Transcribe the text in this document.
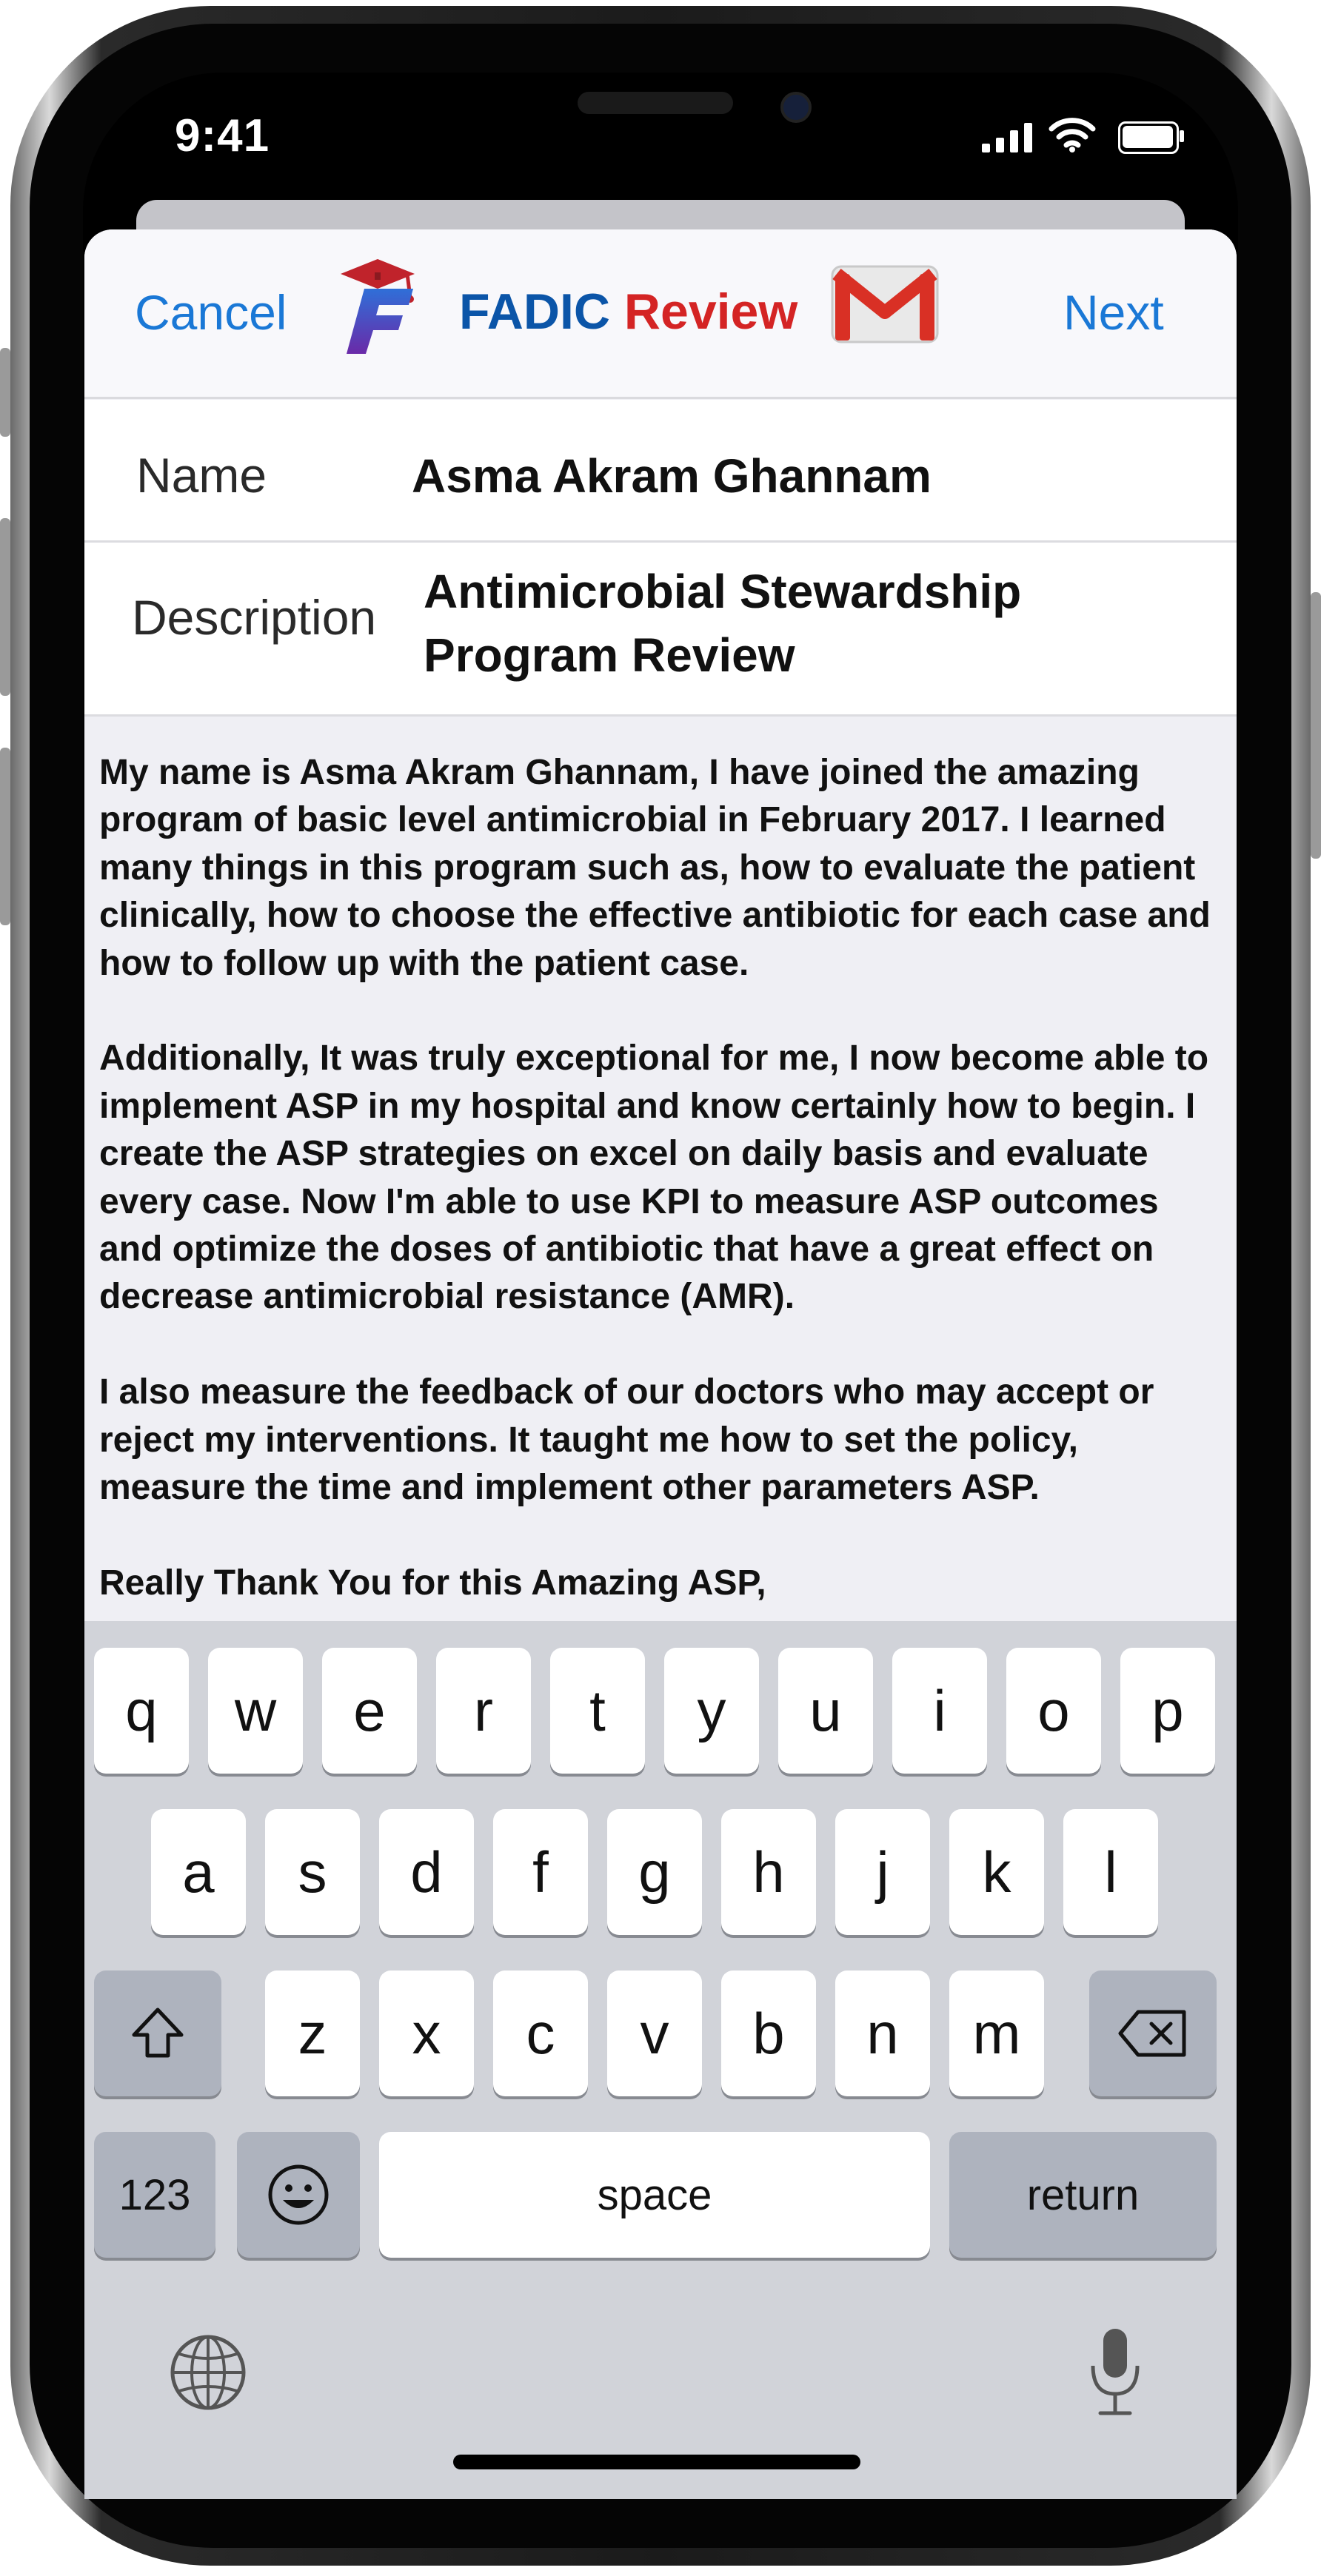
9:41
Cancel	FADIC Review	Next
Name	Asma Akram Ghannam
Description Antimicrobial Stewardship
Program Review
My name is Asma Akram Ghannam, I have joined the amazing program of basic level antimicrobial in February 2017. I learned many things in this program such as, how to evaluate the patient clinically, how to choose the effective antibiotic for each case and how to follow up with the patient case.

Additionally, It was truly exceptional for me, I now become able to implement ASP in my hospital and know certainly how to begin. I create the ASP strategies on excel on daily basis and evaluate every case. Now I'm able to use KPI to measure ASP outcomes and optimize the doses of antibiotic that have a great effect on decrease antimicrobial resistance (AMR).

I also measure the feedback of our doctors who may accept or reject my interventions. It taught me how to set the policy, measure the time and implement other parameters ASP.

Really Thank You for this Amazing ASP,
q	w	e	r	t	y	u	i	o	p
a	s	d	f	g	h	j	k	l
z	x	c	v	b	n	m
123	space	return
